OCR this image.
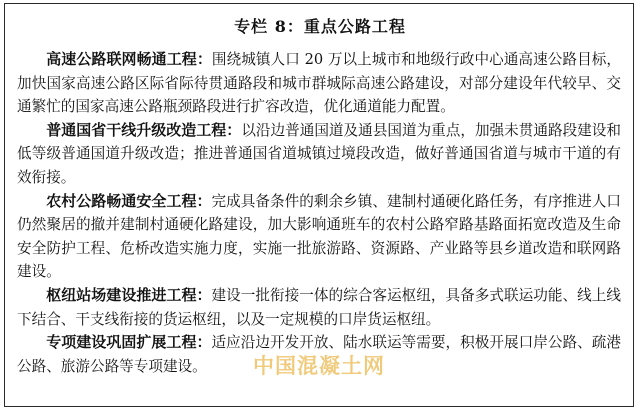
专栏 8：重点公路工程

高速公路联网畅通工程：围绕城镇人口 20 万以上城市和地级行政中心通高速公路目标，加快国家高速公路区际省际待贯通路段和城市群城际高速公路建设，对部分建设年代较早、交通繁忙的国家高速公路瓶颈路段进行扩容改造，优化通道能力配置。

普通国省干线升级改造工程：以沿边普通国道及通县国道为重点，加强未贯通路段建设和低等级普通国道升级改造；推进普通国省道城镇过境段改造，做好普通国省道与城市干道的有效衔接。

农村公路畅通安全工程：完成具备条件的剩余乡镇、建制村通硬化路任务，有序推进人口仍然聚居的撤并建制村通硬化路建设，加大影响通班车的农村公路窄路基路面拓宽改造及生命安全防护工程、危桥改造实施力度，实施一批旅游路、资源路、产业路等县乡道改造和联网路建设。

枢纽站场建设推进工程：建设一批衔接一体的综合客运枢纽，具备多式联运功能、线上线下结合、干支线衔接的货运枢纽，以及一定规模的口岸货运枢纽。

专项建设巩固扩展工程：适应沿边开发开放、陆水联运等需要，积极开展口岸公路、疏港公路、旅游公路等专项建设。	中国混凝土网
